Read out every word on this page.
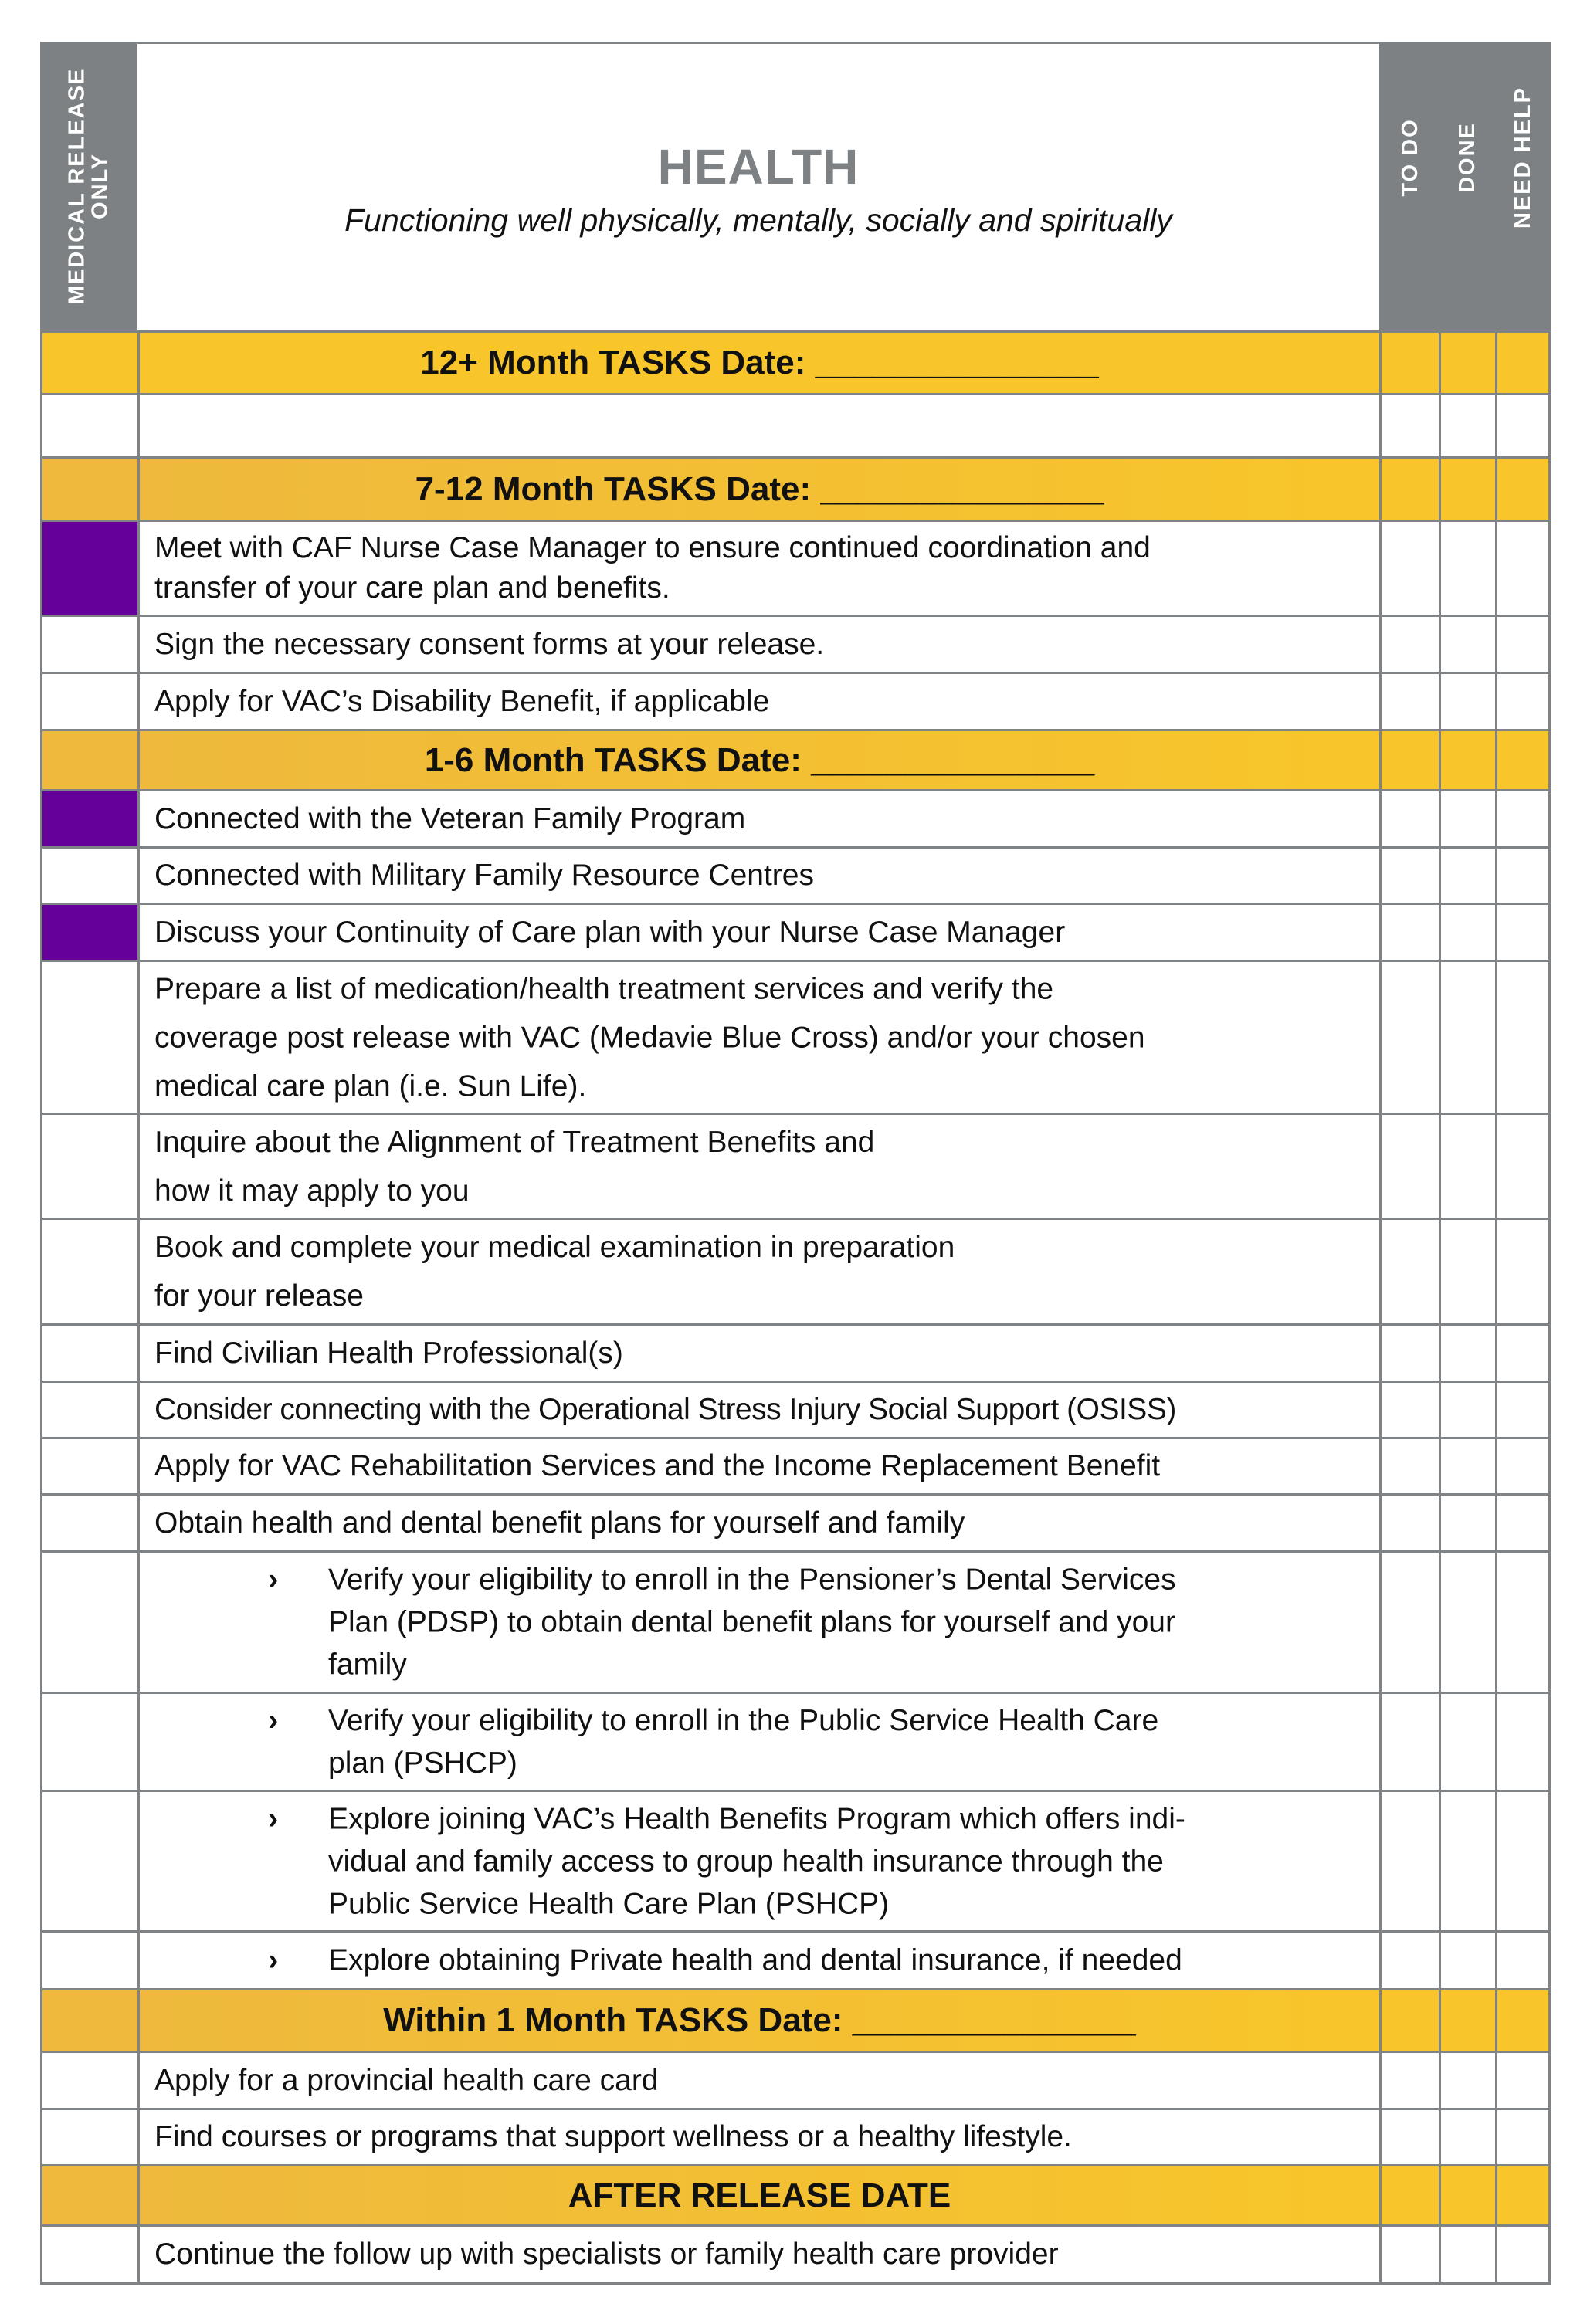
MEDICAL RELEASE
ONLY	HEALTH
Functioning well physically, mentally, socially and spiritually
TO DO DONE NEED HELP
12+ Month TASKS Date: _______________
7-12 Month TASKS Date: _______________
Meet with CAF Nurse Case Manager to ensure continued coordination and
transfer of your care plan and benefits.
Sign the necessary consent forms at your release.
Apply for VAC’s Disability Benefit, if applicable
1-6 Month TASKS Date: _______________
Connected with the Veteran Family Program
Connected with Military Family Resource Centres
Discuss your Continuity of Care plan with your Nurse Case Manager
Prepare a list of medication/health treatment services and verify the
coverage post release with VAC (Medavie Blue Cross) and/or your chosen
medical care plan (i.e. Sun Life).
Inquire about the Alignment of Treatment Benefits and
how it may apply to you
Book and complete your medical examination in preparation
for your release
Find Civilian Health Professional(s)
Consider connecting with the Operational Stress Injury Social Support (OSISS)
Apply for VAC Rehabilitation Services and the Income Replacement Benefit
Obtain health and dental benefit plans for yourself and family
› Verify your eligibility to enroll in the Pensioner’s Dental Services
Plan (PDSP) to obtain dental benefit plans for yourself and your
family
› Verify your eligibility to enroll in the Public Service Health Care
plan (PSHCP)
› Explore joining VAC’s Health Benefits Program which offers indi-
vidual and family access to group health insurance through the
Public Service Health Care Plan (PSHCP)
› Explore obtaining Private health and dental insurance, if needed
Within 1 Month TASKS Date: _______________
Apply for a provincial health care card
Find courses or programs that support wellness or a healthy lifestyle.
AFTER RELEASE DATE
Continue the follow up with specialists or family health care provider
